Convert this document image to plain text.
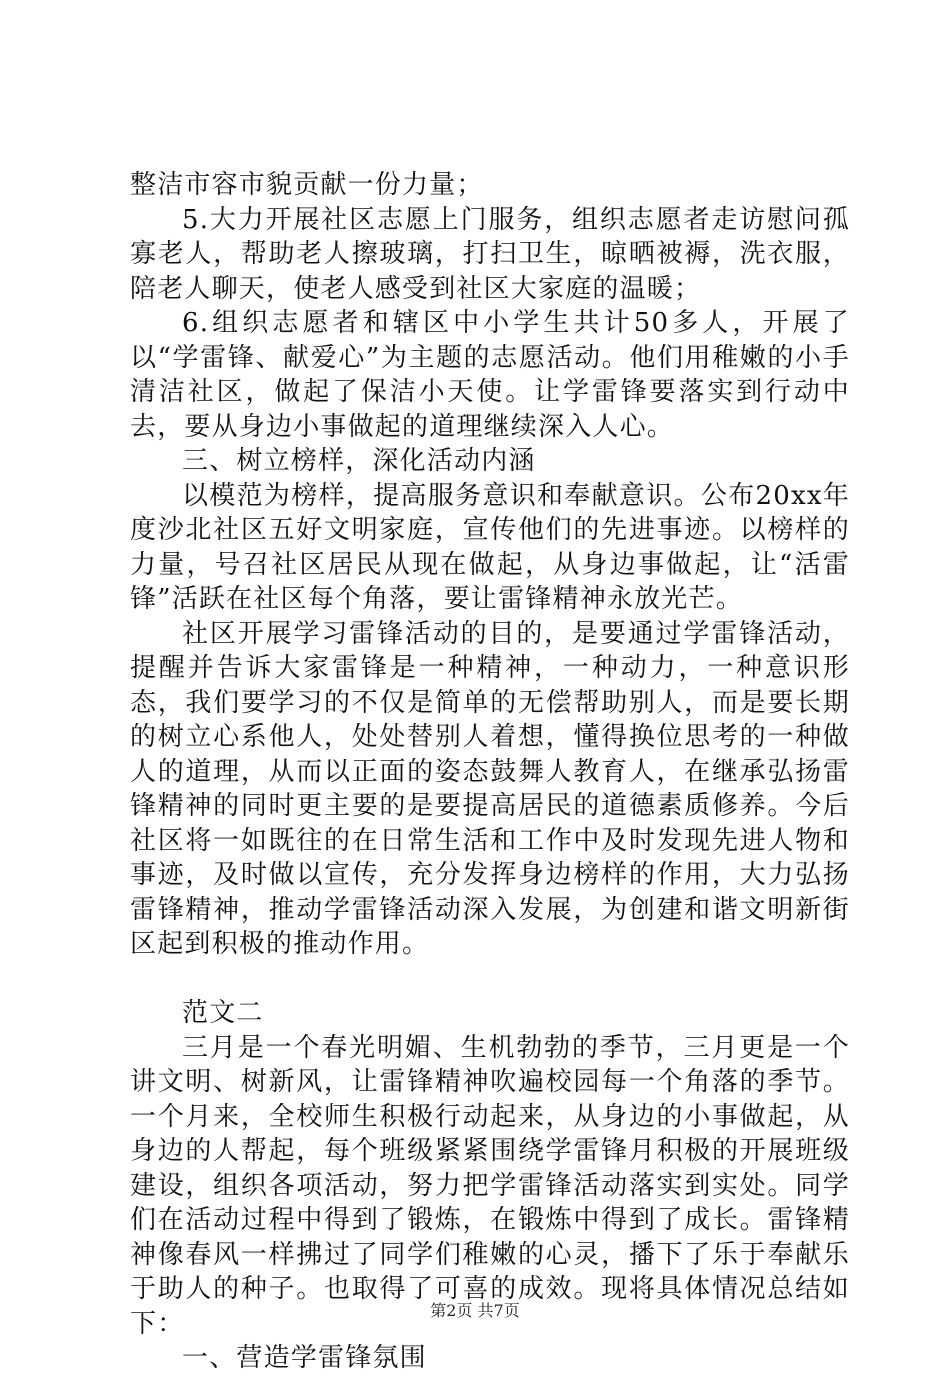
整洁市容市貌贡献一份力量；

5.大力开展社区志愿上门服务，组织志愿者走访慰问孤寡老人，帮助老人擦玻璃，打扫卫生，晾晒被褥，洗衣服，陪老人聊天，使老人感受到社区大家庭的温暖；

6.组织志愿者和辖区中小学生共计50多人，开展了以“学雷锋、献爱心”为主题的志愿活动。他们用稚嫩的小手清洁社区，做起了保洁小天使。让学雷锋要落实到行动中去，要从身边小事做起的道理继续深入人心。

三、树立榜样，深化活动内涵

以模范为榜样，提高服务意识和奉献意识。公布20xx年度沙北社区五好文明家庭，宣传他们的先进事迹。以榜样的力量，号召社区居民从现在做起，从身边事做起，让“活雷锋”活跃在社区每个角落，要让雷锋精神永放光芒。

社区开展学习雷锋活动的目的，是要通过学雷锋活动，提醒并告诉大家雷锋是一种精神，一种动力，一种意识形态，我们要学习的不仅是简单的无偿帮助别人，而是要长期的树立心系他人，处处替别人着想，懂得换位思考的一种做人的道理，从而以正面的姿态鼓舞人教育人，在继承弘扬雷锋精神的同时更主要的是要提高居民的道德素质修养。今后社区将一如既往的在日常生活和工作中及时发现先进人物和事迹，及时做以宣传，充分发挥身边榜样的作用，大力弘扬雷锋精神，推动学雷锋活动深入发展，为创建和谐文明新街区起到积极的推动作用。

范文二

三月是一个春光明媚、生机勃勃的季节，三月更是一个讲文明、树新风，让雷锋精神吹遍校园每一个角落的季节。一个月来，全校师生积极行动起来，从身边的小事做起，从身边的人帮起，每个班级紧紧围绕学雷锋月积极的开展班级建设，组织各项活动，努力把学雷锋活动落实到实处。同学们在活动过程中得到了锻炼，在锻炼中得到了成长。雷锋精神像春风一样拂过了同学们稚嫩的心灵，播下了乐于奉献乐于助人的种子。也取得了可喜的成效。现将具体情况总结如下：

一、营造学雷锋氛围

第2页 共7页
